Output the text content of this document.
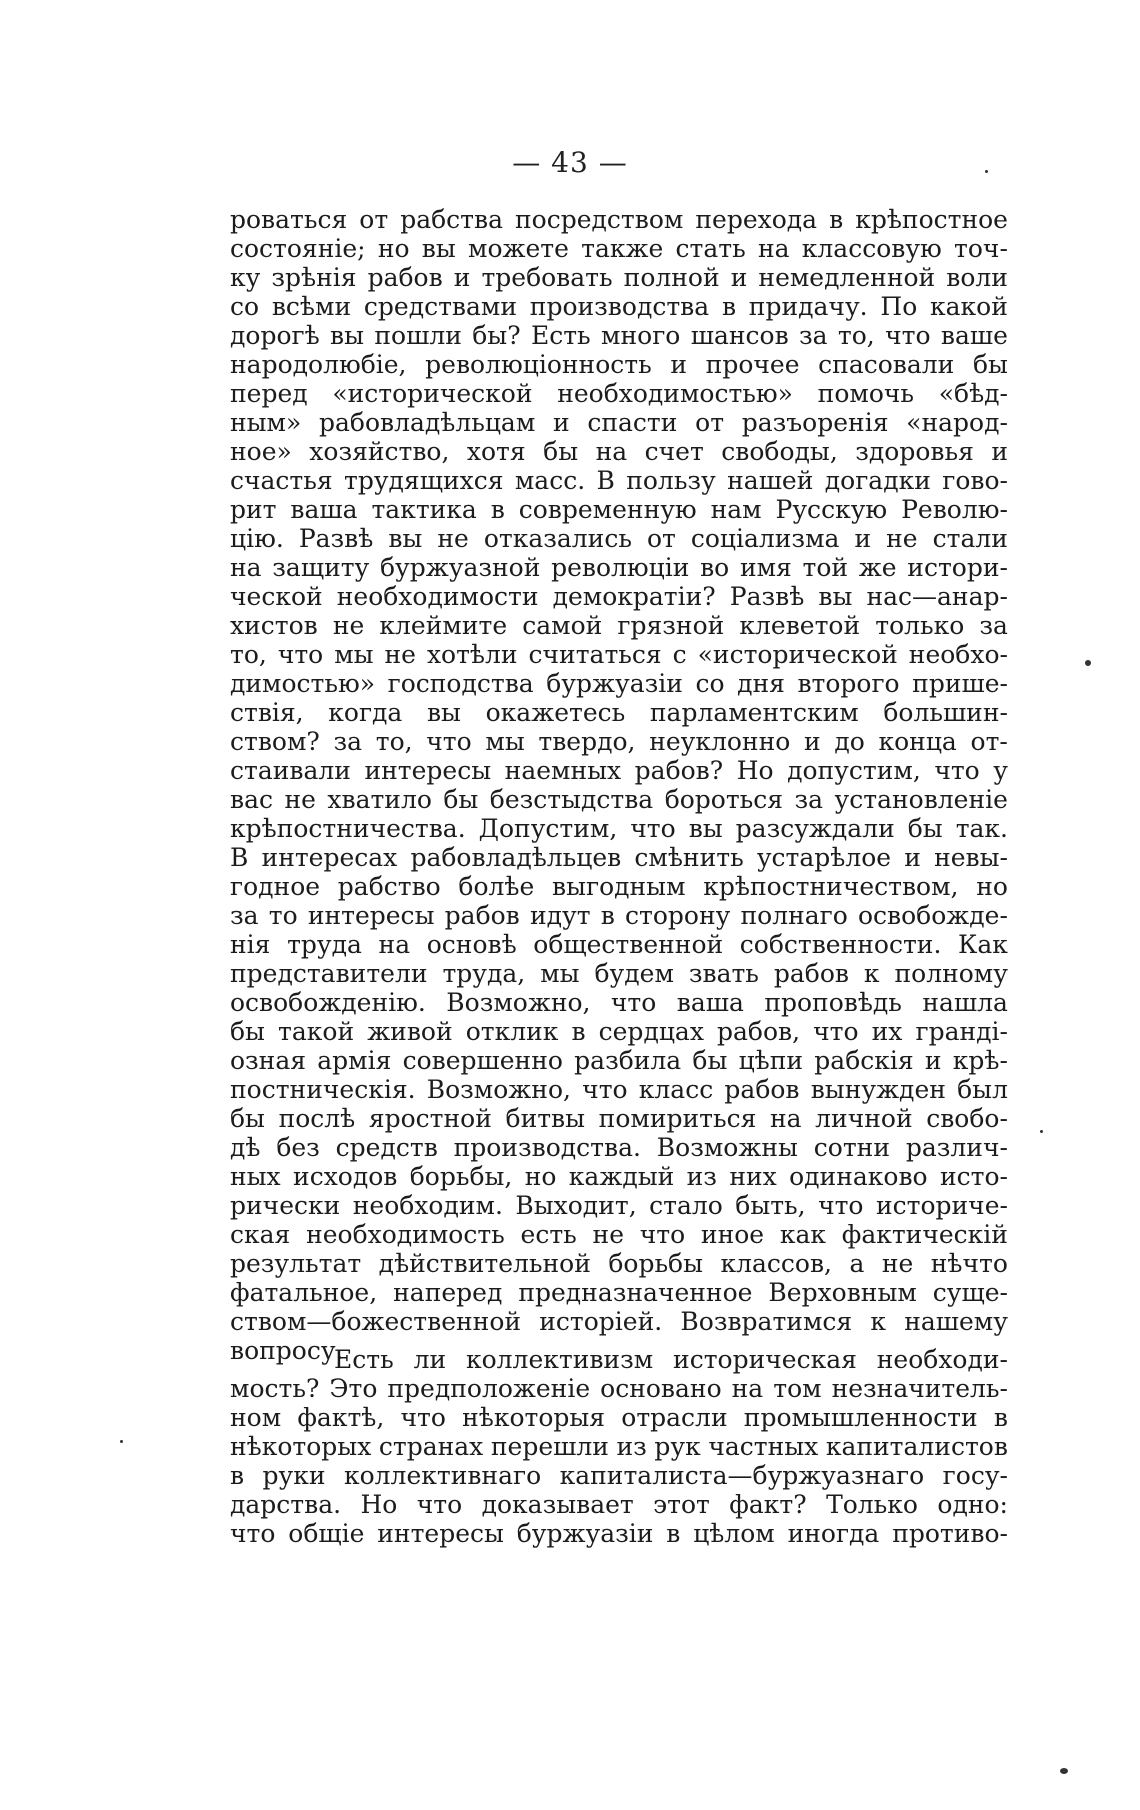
— 43 —
роваться от рабства посредством перехода в крѣпостное
состояніе; но вы можете также стать на классовую точ-
ку зрѣнія рабов и требовать полной и немедленной воли
со всѣми средствами производства в придачу. По какой
дорогѣ вы пошли бы? Есть много шансов за то, что ваше
народолюбіе, революціонность и прочее спасовали бы
перед «исторической необходимостью» помочь «бѣд-
ным» рабовладѣльцам и спасти от разъоренія «народ-
ное» хозяйство, хотя бы на счет свободы, здоровья и
счастья трудящихся масс. В пользу нашей догадки гово-
рит ваша тактика в современную нам Русскую Револю-
цію. Развѣ вы не отказались от соціализма и не стали
на защиту буржуазной революціи во имя той же истори-
ческой необходимости демократіи? Развѣ вы нас—анар-
хистов не клеймите самой грязной клеветой только за
то, что мы не хотѣли считаться с «исторической необхо-
димостью» господства буржуазіи со дня второго прише-
ствія, когда вы окажетесь парламентским большин-
ством? за то, что мы твердо, неуклонно и до конца от-
стаивали интересы наемных рабов? Но допустим, что у
вас не хватило бы безстыдства бороться за установленіе
крѣпостничества. Допустим, что вы разсуждали бы так.
В интересах рабовладѣльцев смѣнить устарѣлое и невы-
годное рабство болѣе выгодным крѣпостничеством, но
за то интересы рабов идут в сторону полнаго освобожде-
нія труда на основѣ общественной собственности. Как
представители труда, мы будем звать рабов к полному
освобожденію. Возможно, что ваша проповѣдь нашла
бы такой живой отклик в сердцах рабов, что их гранді-
озная армія совершенно разбила бы цѣпи рабскія и крѣ-
постническія. Возможно, что класс рабов вынужден был
бы послѣ яростной битвы помириться на личной свобо-
дѣ без средств производства. Возможны сотни различ-
ных исходов борьбы, но каждый из них одинаково исто-
рически необходим. Выходит, стало быть, что историче-
ская необходимость есть не что иное как фактическій
результат дѣйствительной борьбы классов, а не нѣчто
фатальное, наперед предназначенное Верховным суще-
ством—божественной исторіей. Возвратимся к нашему
вопросу.
Есть ли коллективизм историческая необходи-
мость? Это предположеніе основано на том незначитель-
ном фактѣ, что нѣкоторыя отрасли промышленности в
нѣкоторых странах перешли из рук частных капиталистов
в руки коллективнаго капиталиста—буржуазнаго госу-
дарства. Но что доказывает этот факт? Только одно:
что общіе интересы буржуазіи в цѣлом иногда противо-
